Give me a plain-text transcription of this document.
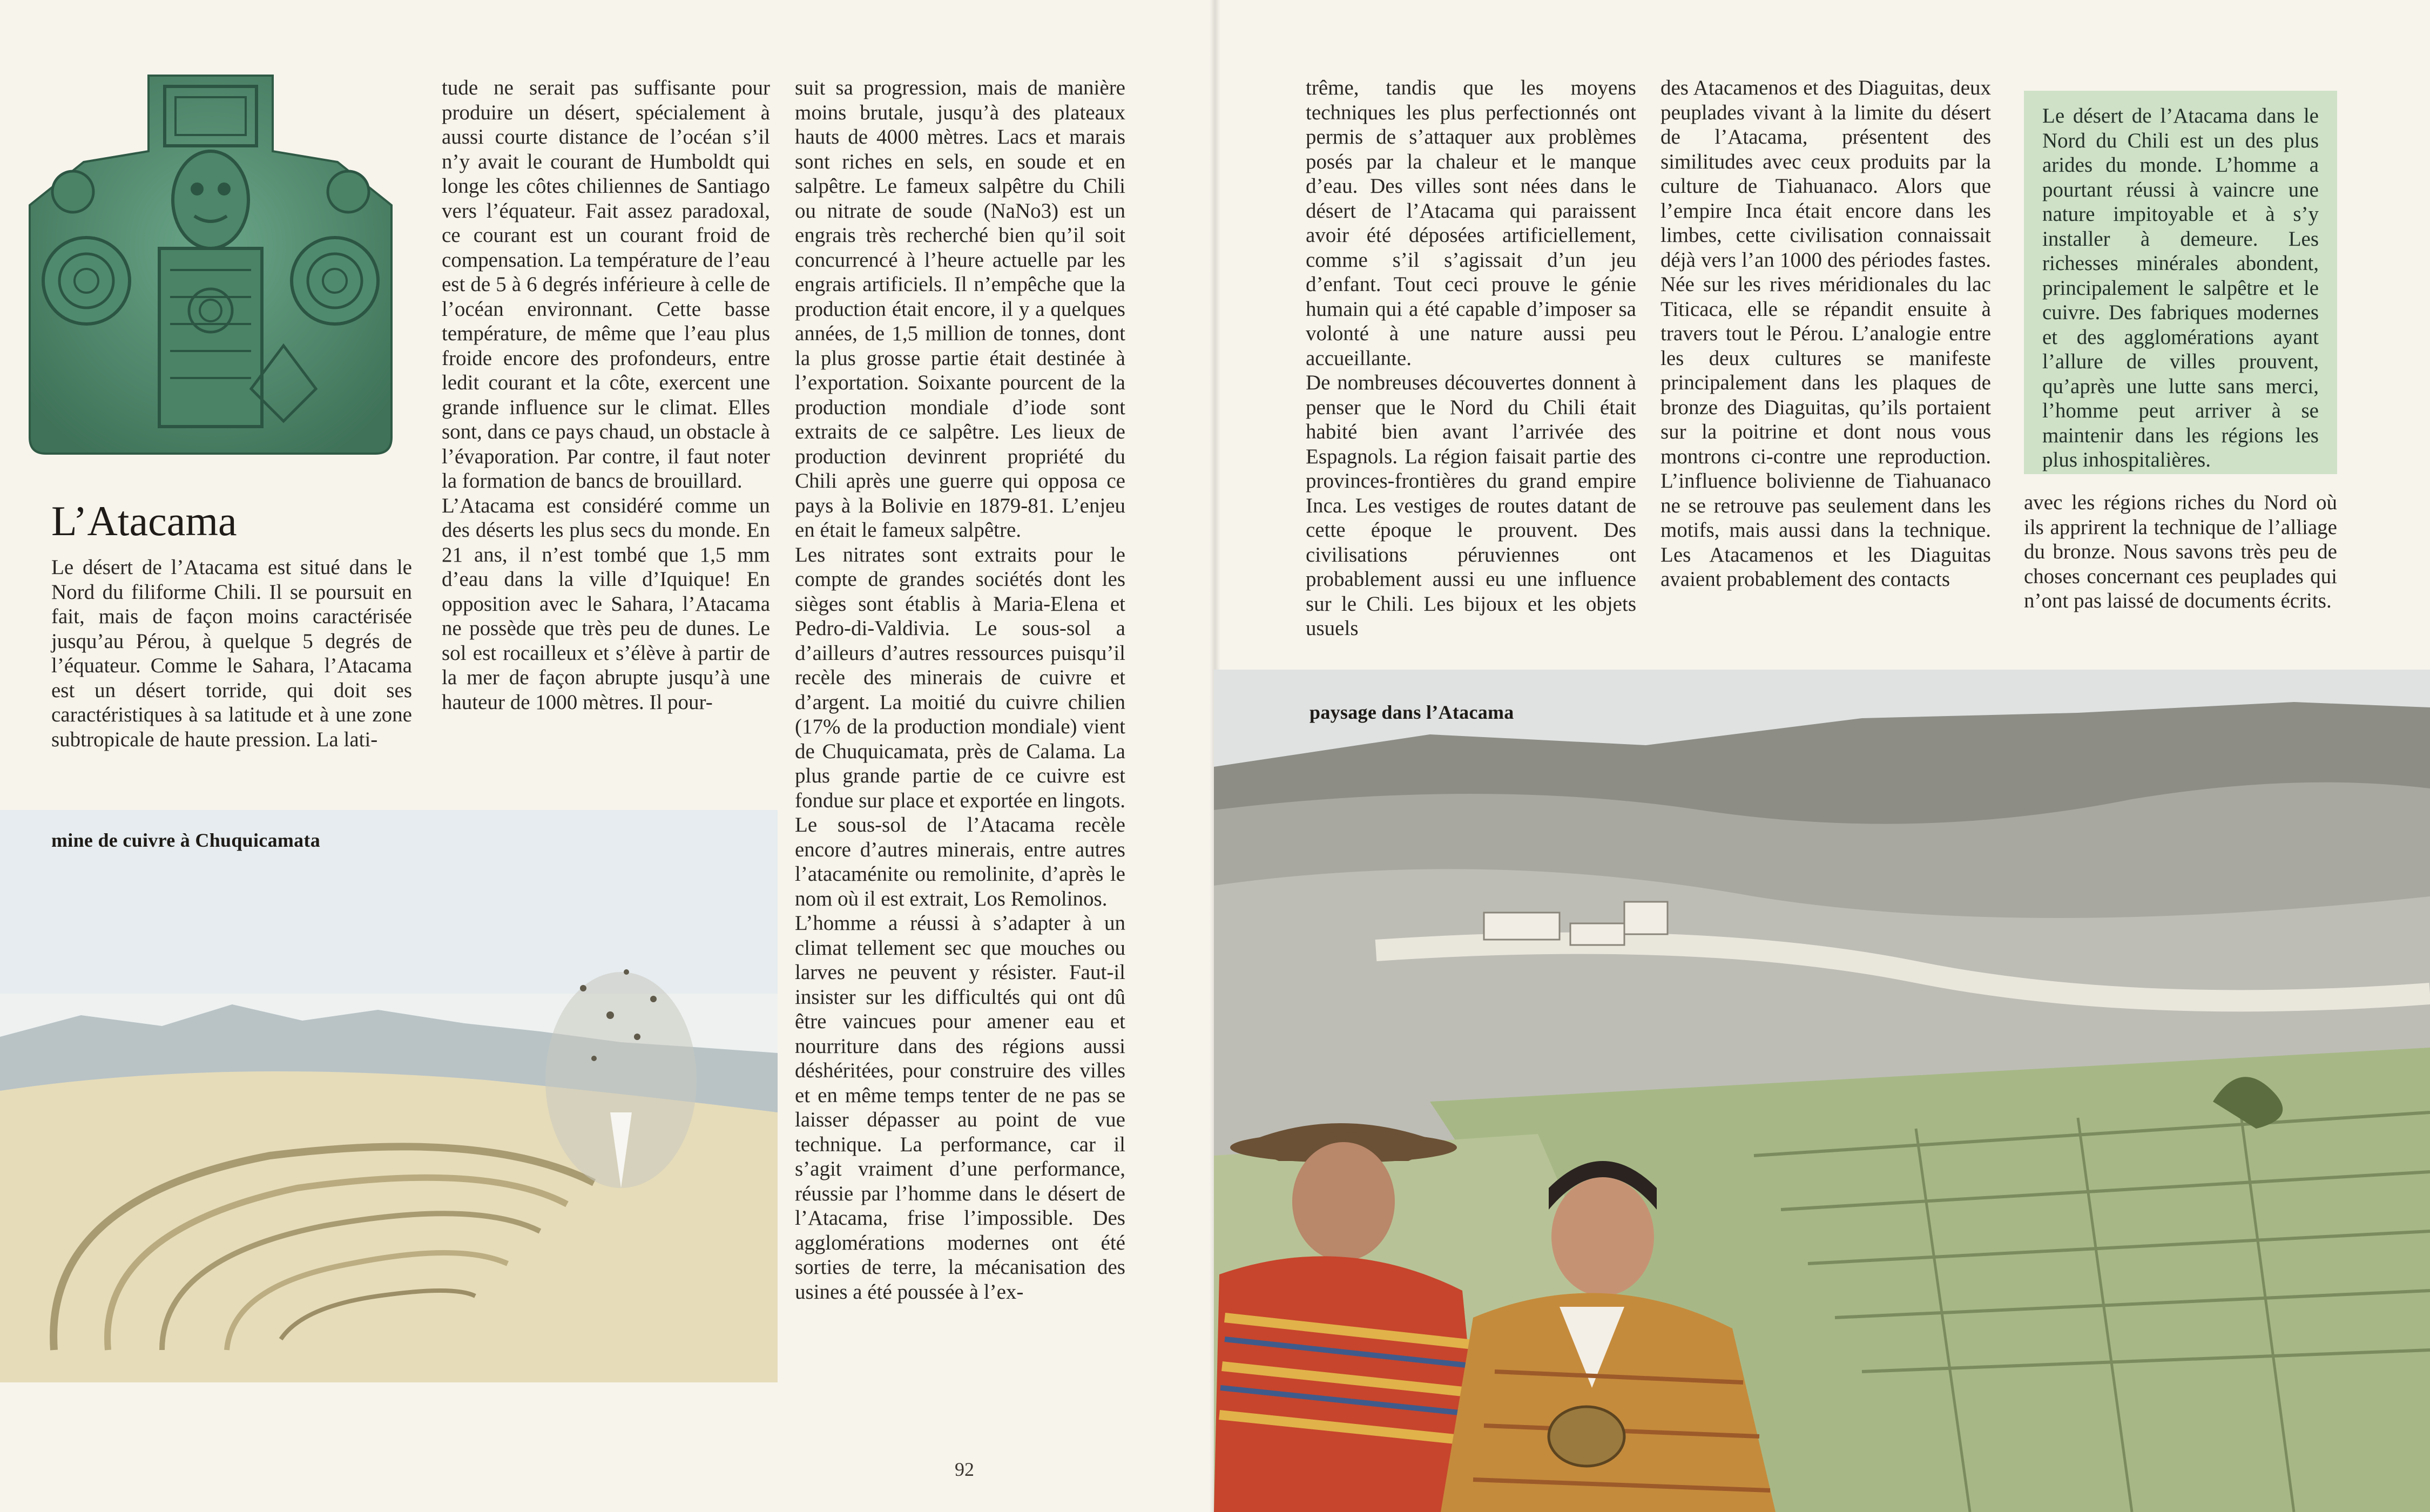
L’Atacama

Le désert de l’Atacama est situé dans le Nord du filiforme Chili. Il se poursuit en fait, mais de façon moins caractérisée jusqu’au Pérou, à quelque 5 degrés de l’équateur. Comme le Sahara, l’Atacama est un désert torride, qui doit ses caractéristiques à sa latitude et à une zone subtropicale de haute pression. La lati-

tude ne serait pas suffisante pour produire un désert, spécialement à aussi courte distance de l’océan s’il n’y avait le courant de Humboldt qui longe les côtes chiliennes de Santiago vers l’équateur. Fait assez paradoxal, ce courant est un courant froid de compensation. La température de l’eau est de 5 à 6 degrés inférieure à celle de l’océan environnant. Cette basse température, de même que l’eau plus froide encore des profondeurs, entre ledit courant et la côte, exercent une grande influence sur le climat. Elles sont, dans ce pays chaud, un obstacle à l’évaporation. Par contre, il faut noter la formation de bancs de brouillard.

L’Atacama est considéré comme un des déserts les plus secs du monde. En 21 ans, il n’est tombé que 1,5 mm d’eau dans la ville d’Iquique! En opposition avec le Sahara, l’Atacama ne possède que très peu de dunes. Le sol est rocailleux et s’élève à partir de la mer de façon abrupte jusqu’à une hauteur de 1000 mètres. Il pour-

mine de cuivre à Chuquicamata

suit sa progression, mais de manière moins brutale, jusqu’à des plateaux hauts de 4000 mètres. Lacs et marais sont riches en sels, en soude et en salpêtre. Le fameux salpêtre du Chili ou nitrate de soude (NaNo3) est un engrais très recherché bien qu’il soit concurrencé à l’heure actuelle par les engrais artificiels. Il n’empêche que la production était encore, il y a quelques années, de 1,5 million de tonnes, dont la plus grosse partie était destinée à l’exportation. Soixante pourcent de la production mondiale d’iode sont extraits de ce salpêtre. Les lieux de production devinrent propriété du Chili après une guerre qui opposa ce pays à la Bolivie en 1879-81. L’enjeu en était le fameux salpêtre.

Les nitrates sont extraits pour le compte de grandes sociétés dont les sièges sont établis à Maria-Elena et Pedro-di-Valdivia. Le sous-sol a d’ailleurs d’autres ressources puisqu’il recèle des minerais de cuivre et d’argent. La moitié du cuivre chilien (17% de la production mondiale) vient de Chuquicamata, près de Calama. La plus grande partie de ce cuivre est fondue sur place et exportée en lingots. Le sous-sol de l’Atacama recèle encore d’autres minerais, entre autres l’atacaménite ou remolinite, d’après le nom où il est extrait, Los Remolinos.

L’homme a réussi à s’adapter à un climat tellement sec que mouches ou larves ne peuvent y résister. Faut-il insister sur les difficultés qui ont dû être vaincues pour amener eau et nourriture dans des régions aussi déshéritées, pour construire des villes et en même temps tenter de ne pas se laisser dépasser au point de vue technique. La performance, car il s’agit vraiment d’une performance, réussie par l’homme dans le désert de l’Atacama, frise l’impossible. Des agglomérations modernes ont été sorties de terre, la mécanisation des usines a été poussée à l’ex-

92

trême, tandis que les moyens techniques les plus perfectionnés ont permis de s’attaquer aux problèmes posés par la chaleur et le manque d’eau. Des villes sont nées dans le désert de l’Atacama qui paraissent avoir été déposées artificiellement, comme s’il s’agissait d’un jeu d’enfant. Tout ceci prouve le génie humain qui a été capable d’imposer sa volonté à une nature aussi peu accueillante.

De nombreuses découvertes donnent à penser que le Nord du Chili était habité bien avant l’arrivée des Espagnols. La région faisait partie des provinces-frontières du grand empire Inca. Les vestiges de routes datant de cette époque le prouvent. Des civilisations péruviennes ont probablement aussi eu une influence sur le Chili. Les bijoux et les objets usuels

des Atacamenos et des Diaguitas, deux peuplades vivant à la limite du désert de l’Atacama, présentent des similitudes avec ceux produits par la culture de Tiahuanaco. Alors que l’empire Inca était encore dans les limbes, cette civilisation connaissait déjà vers l’an 1000 des périodes fastes. Née sur les rives méridionales du lac Titicaca, elle se répandit ensuite à travers tout le Pérou. L’analogie entre les deux cultures se manifeste principalement dans les plaques de bronze des Diaguitas, qu’ils portaient sur la poitrine et dont nous vous montrons ci-contre une reproduction. L’influence bolivienne de Tiahuanaco ne se retrouve pas seulement dans les motifs, mais aussi dans la technique. Les Atacamenos et les Diaguitas avaient probablement des contacts

Le désert de l’Atacama dans le Nord du Chili est un des plus arides du monde. L’homme a pourtant réussi à vaincre une nature impitoyable et à s’y installer à demeure. Les richesses minérales abondent, principalement le salpêtre et le cuivre. Des fabriques modernes et des agglomérations ayant l’allure de villes prouvent, qu’après une lutte sans merci, l’homme peut arriver à se maintenir dans les régions les plus inhospitalières.

avec les régions riches du Nord où ils apprirent la technique de l’alliage du bronze. Nous savons très peu de choses concernant ces peuplades qui n’ont pas laissé de documents écrits.

paysage dans l’Atacama
